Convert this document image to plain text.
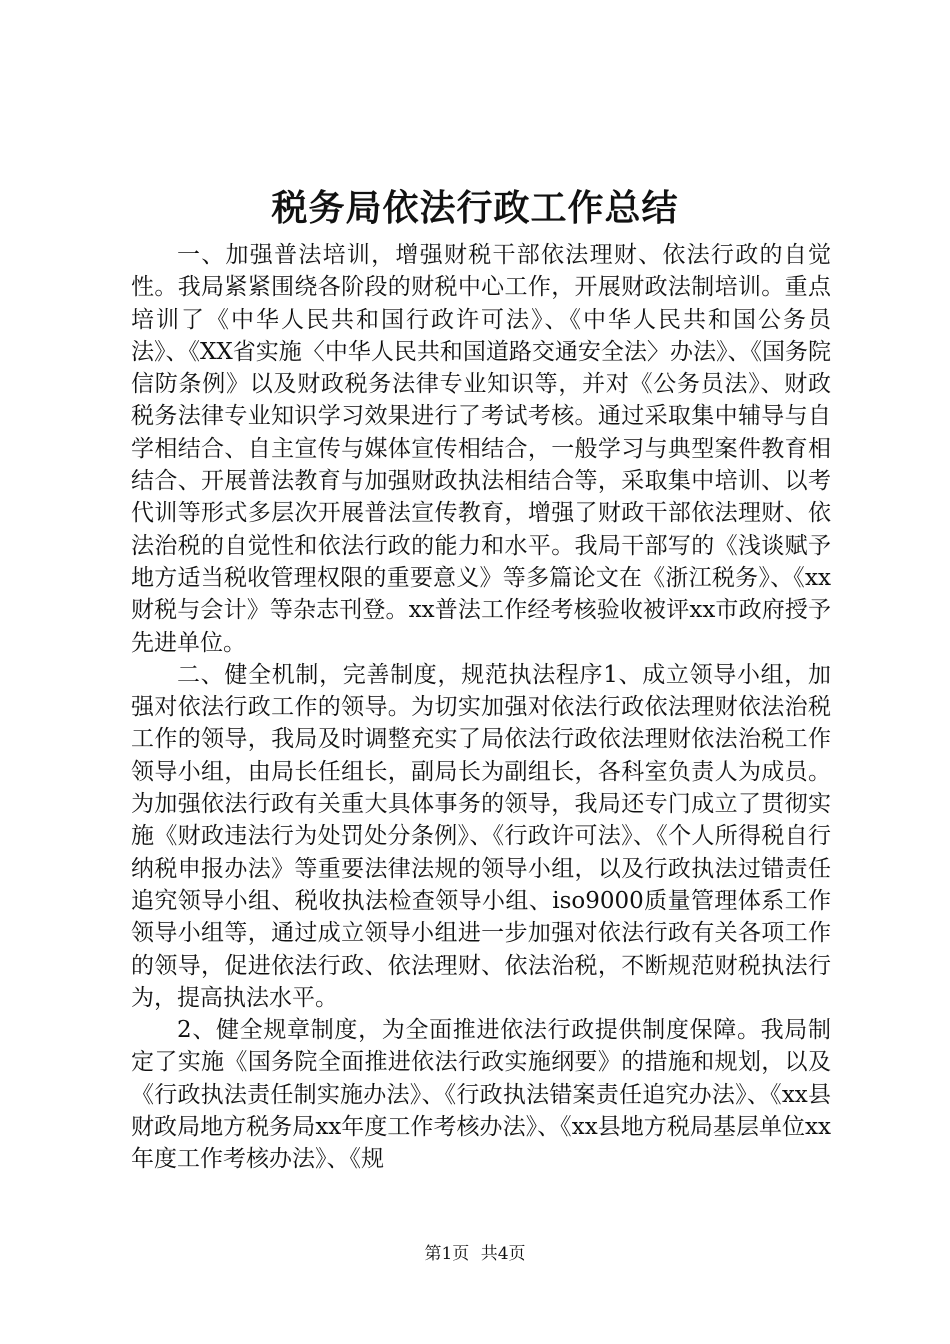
税务局依法行政工作总结

一、加强普法培训，增强财税干部依法理财、依法行政的自觉性。我局紧紧围绕各阶段的财税中心工作，开展财政法制培训。重点培训了《中华人民共和国行政许可法》、《中华人民共和国公务员法》、《XX省实施〈中华人民共和国道路交通安全法〉办法》、《国务院信防条例》以及财政税务法律专业知识等，并对《公务员法》、财政税务法律专业知识学习效果进行了考试考核。通过采取集中辅导与自学相结合、自主宣传与媒体宣传相结合，一般学习与典型案件教育相结合、开展普法教育与加强财政执法相结合等，采取集中培训、以考代训等形式多层次开展普法宣传教育，增强了财政干部依法理财、依法治税的自觉性和依法行政的能力和水平。我局干部写的《浅谈赋予地方适当税收管理权限的重要意义》等多篇论文在《浙江税务》、《xx财税与会计》等杂志刊登。xx普法工作经考核验收被评xx市政府授予先进单位。

二、健全机制，完善制度，规范执法程序1、成立领导小组，加强对依法行政工作的领导。为切实加强对依法行政依法理财依法治税工作的领导，我局及时调整充实了局依法行政依法理财依法治税工作领导小组，由局长任组长，副局长为副组长，各科室负责人为成员。为加强依法行政有关重大具体事务的领导，我局还专门成立了贯彻实施《财政违法行为处罚处分条例》、《行政许可法》、《个人所得税自行纳税申报办法》等重要法律法规的领导小组，以及行政执法过错责任追究领导小组、税收执法检查领导小组、iso9000质量管理体系工作领导小组等，通过成立领导小组进一步加强对依法行政有关各项工作的领导，促进依法行政、依法理财、依法治税，不断规范财税执法行为，提高执法水平。

2、健全规章制度，为全面推进依法行政提供制度保障。我局制定了实施《国务院全面推进依法行政实施纲要》的措施和规划，以及《行政执法责任制实施办法》、《行政执法错案责任追究办法》、《xx县财政局地方税务局xx年度工作考核办法》、《xx县地方税局基层单位xx年度工作考核办法》、《规

第1页 共4页
